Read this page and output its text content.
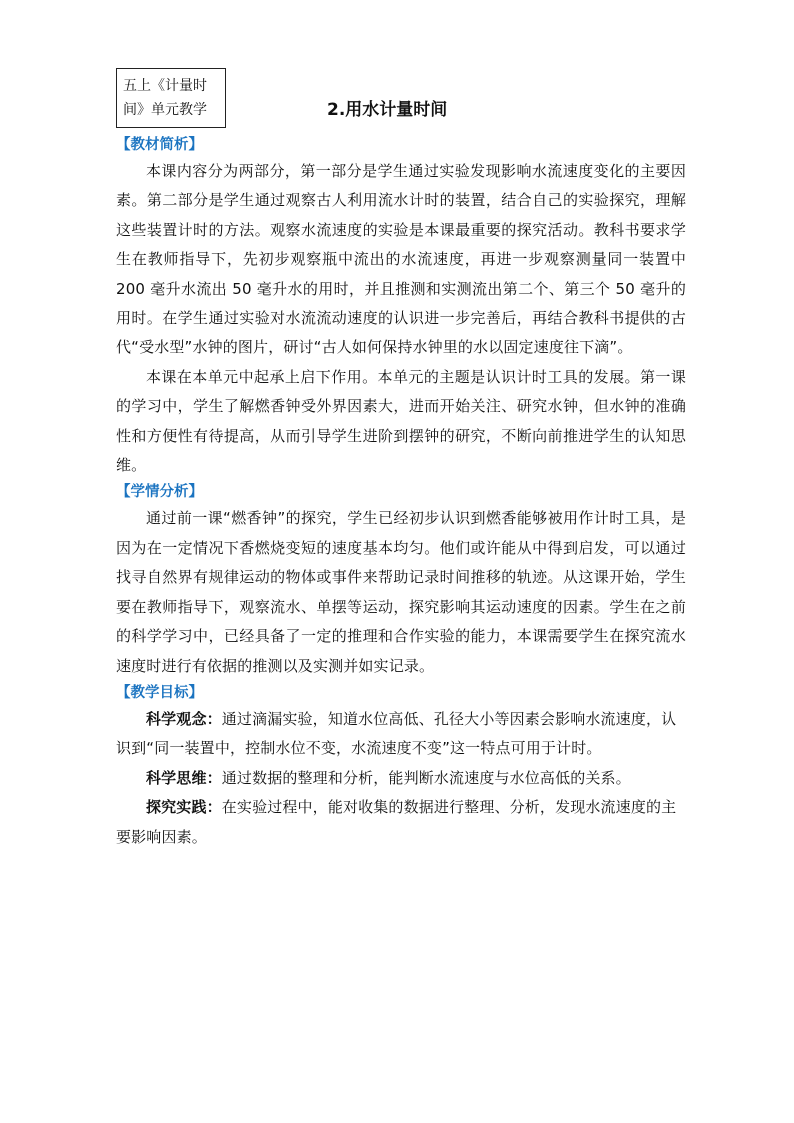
五上《计量时间》单元教学	2.用水计量时间

【教材简析】

本课内容分为两部分，第一部分是学生通过实验发现影响水流速度变化的主要因素。第二部分是学生通过观察古人利用流水计时的装置，结合自己的实验探究，理解这些装置计时的方法。观察水流速度的实验是本课最重要的探究活动。教科书要求学生在教师指导下，先初步观察瓶中流出的水流速度，再进一步观察测量同一装置中 200 毫升水流出 50 毫升水的用时，并且推测和实测流出第二个、第三个 50 毫升的用时。在学生通过实验对水流流动速度的认识进一步完善后，再结合教科书提供的古代“受水型”水钟的图片，研讨“古人如何保持水钟里的水以固定速度往下滴”。

本课在本单元中起承上启下作用。本单元的主题是认识计时工具的发展。第一课的学习中，学生了解燃香钟受外界因素大，进而开始关注、研究水钟，但水钟的准确性和方便性有待提高，从而引导学生进阶到摆钟的研究，不断向前推进学生的认知思维。

【学情分析】

通过前一课“燃香钟”的探究，学生已经初步认识到燃香能够被用作计时工具，是因为在一定情况下香燃烧变短的速度基本均匀。他们或许能从中得到启发，可以通过找寻自然界有规律运动的物体或事件来帮助记录时间推移的轨迹。从这课开始，学生要在教师指导下，观察流水、单摆等运动，探究影响其运动速度的因素。学生在之前的科学学习中，已经具备了一定的推理和合作实验的能力，本课需要学生在探究流水速度时进行有依据的推测以及实测并如实记录。

【教学目标】

科学观念：通过滴漏实验，知道水位高低、孔径大小等因素会影响水流速度，认识到“同一装置中，控制水位不变，水流速度不变”这一特点可用于计时。

科学思维：通过数据的整理和分析，能判断水流速度与水位高低的关系。

探究实践：在实验过程中，能对收集的数据进行整理、分析，发现水流速度的主要影响因素。
